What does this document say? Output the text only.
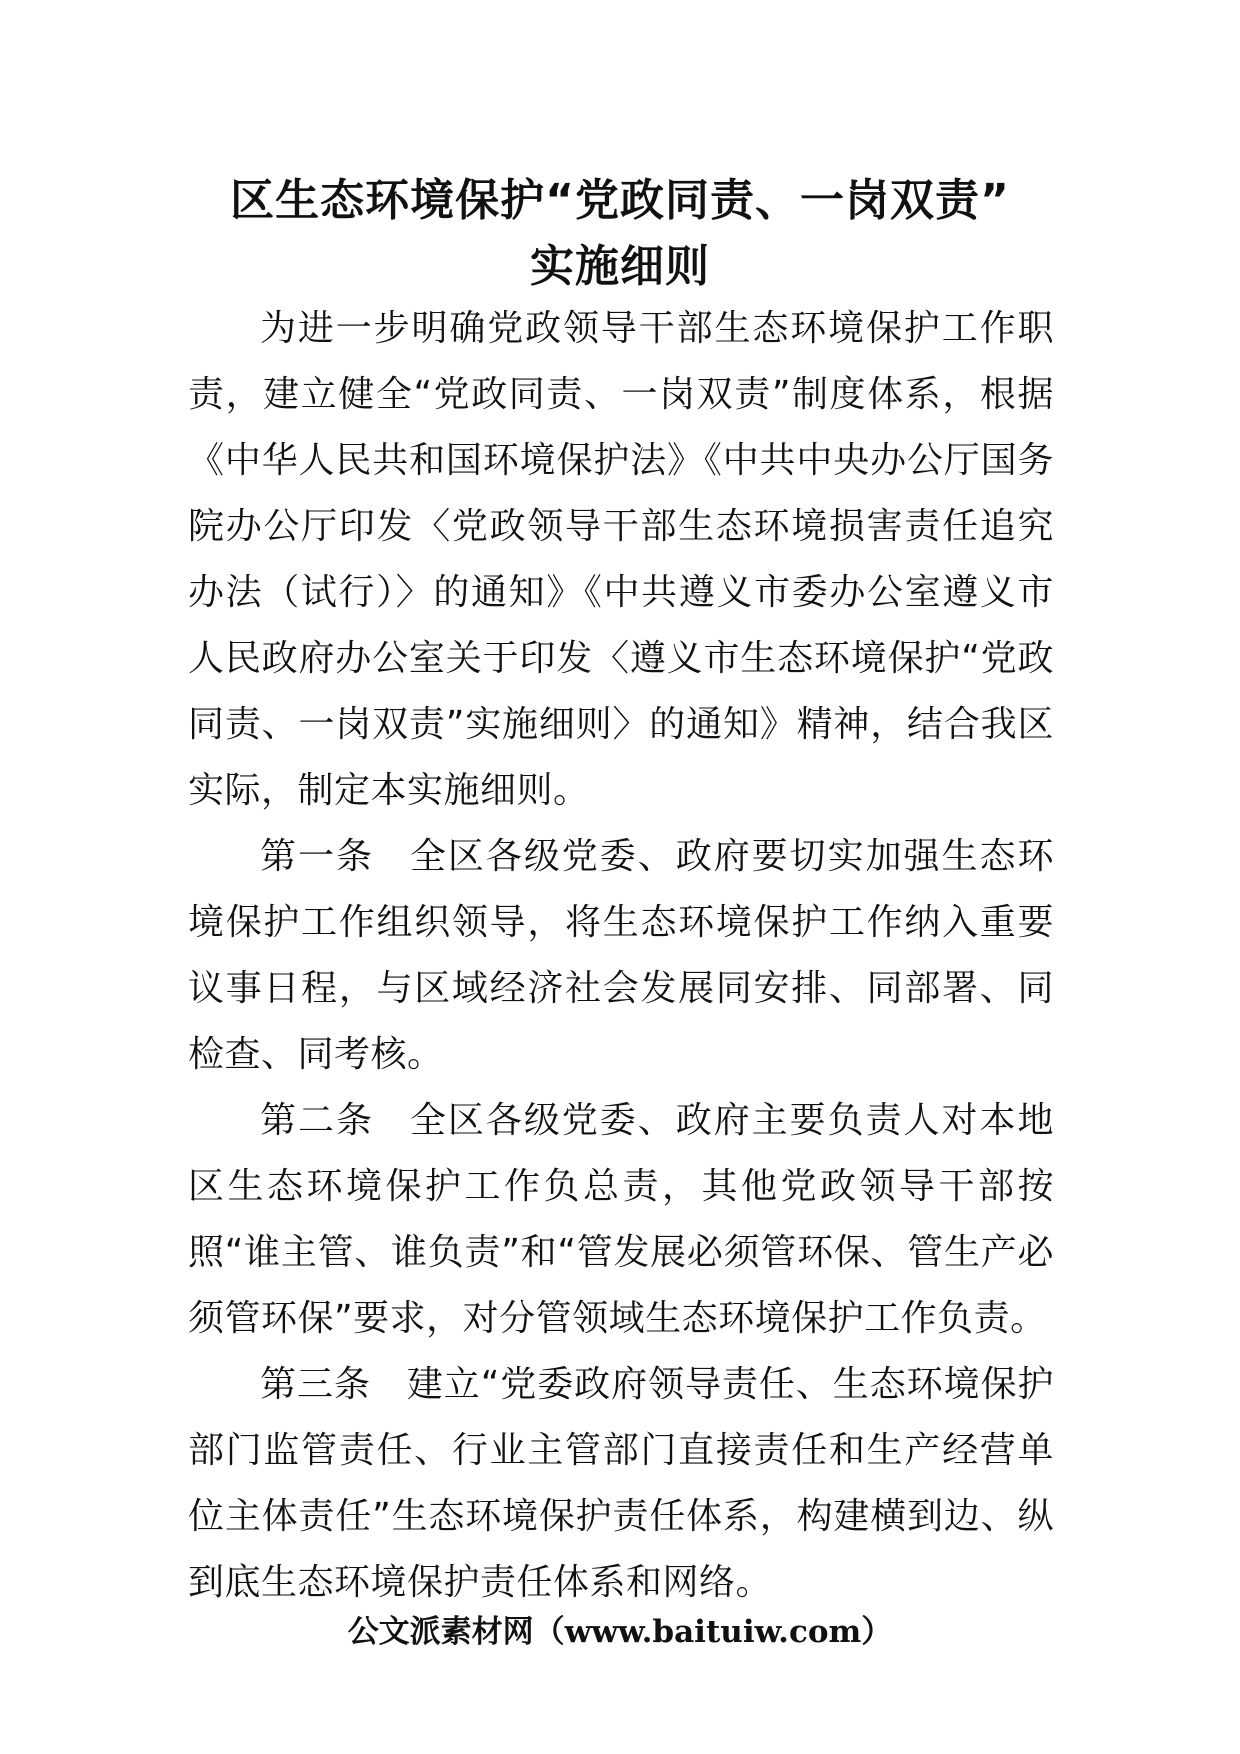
区生态环境保护“党政同责、一岗双责”
实施细则

为进一步明确党政领导干部生态环境保护工作职责，建立健全“党政同责、一岗双责”制度体系，根据《中华人民共和国环境保护法》《中共中央办公厅国务院办公厅印发〈党政领导干部生态环境损害责任追究办法（试行）〉的通知》《中共遵义市委办公室遵义市人民政府办公室关于印发〈遵义市生态环境保护“党政同责、一岗双责”实施细则〉的通知》精神，结合我区实际，制定本实施细则。

第一条 全区各级党委、政府要切实加强生态环境保护工作组织领导，将生态环境保护工作纳入重要议事日程，与区域经济社会发展同安排、同部署、同检查、同考核。

第二条 全区各级党委、政府主要负责人对本地区生态环境保护工作负总责，其他党政领导干部按照“谁主管、谁负责”和“管发展必须管环保、管生产必须管环保”要求，对分管领域生态环境保护工作负责。

第三条 建立“党委政府领导责任、生态环境保护部门监管责任、行业主管部门直接责任和生产经营单位主体责任”生态环境保护责任体系，构建横到边、纵到底生态环境保护责任体系和网络。

公文派素材网（www.baituiw.com）
